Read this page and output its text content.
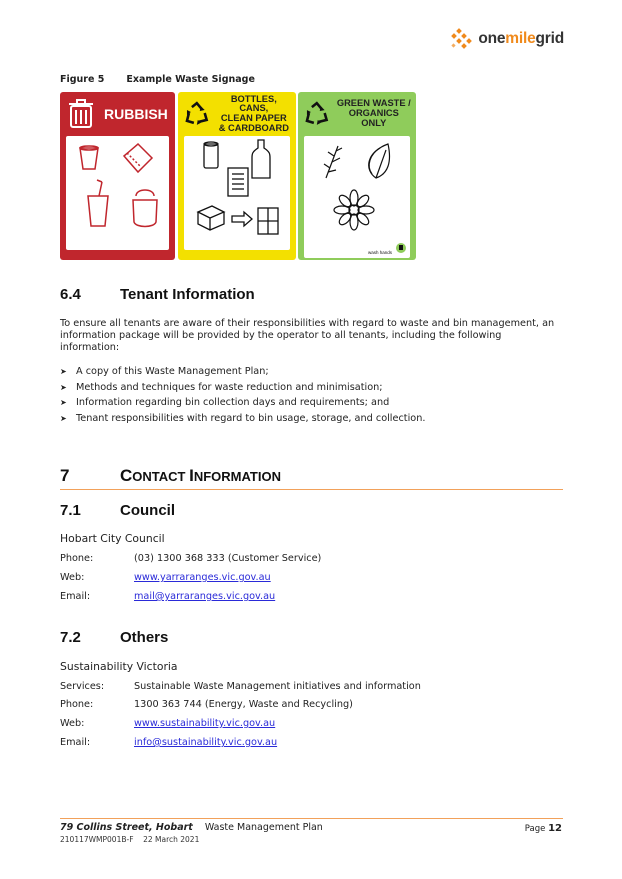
onemilegrid
Figure 5 Example Waste Signage
RUBBISH
BOTTLES, CANS,
CLEAN PAPER
& CARDBOARD
GREEN WASTE /
ORGANICS ONLY
wash hands
6.4	Tenant Information
To ensure all tenants are aware of their responsibilities with regard to waste and bin management, an information package will be provided by the operator to all tenants, including the following information:
➤ A copy of this Waste Management Plan;
➤ Methods and techniques for waste reduction and minimisation;
➤ Information regarding bin collection days and requirements; and
➤ Tenant responsibilities with regard to bin usage, storage, and collection.
7	CONTACT INFORMATION
7.1	Council
Hobart City Council
Phone:	(03) 1300 368 333 (Customer Service)
Web:	www.yarraranges.vic.gov.au
Email:	mail@yarraranges.vic.gov.au
7.2	Others
Sustainability Victoria
Services:	Sustainable Waste Management initiatives and information
Phone:	1300 363 744 (Energy, Waste and Recycling)
Web:	www.sustainability.vic.gov.au
Email:	info@sustainability.vic.gov.au
79 Collins Street, Hobart Waste Management Plan
210117WMP001B-F 22 March 2021
Page 12
